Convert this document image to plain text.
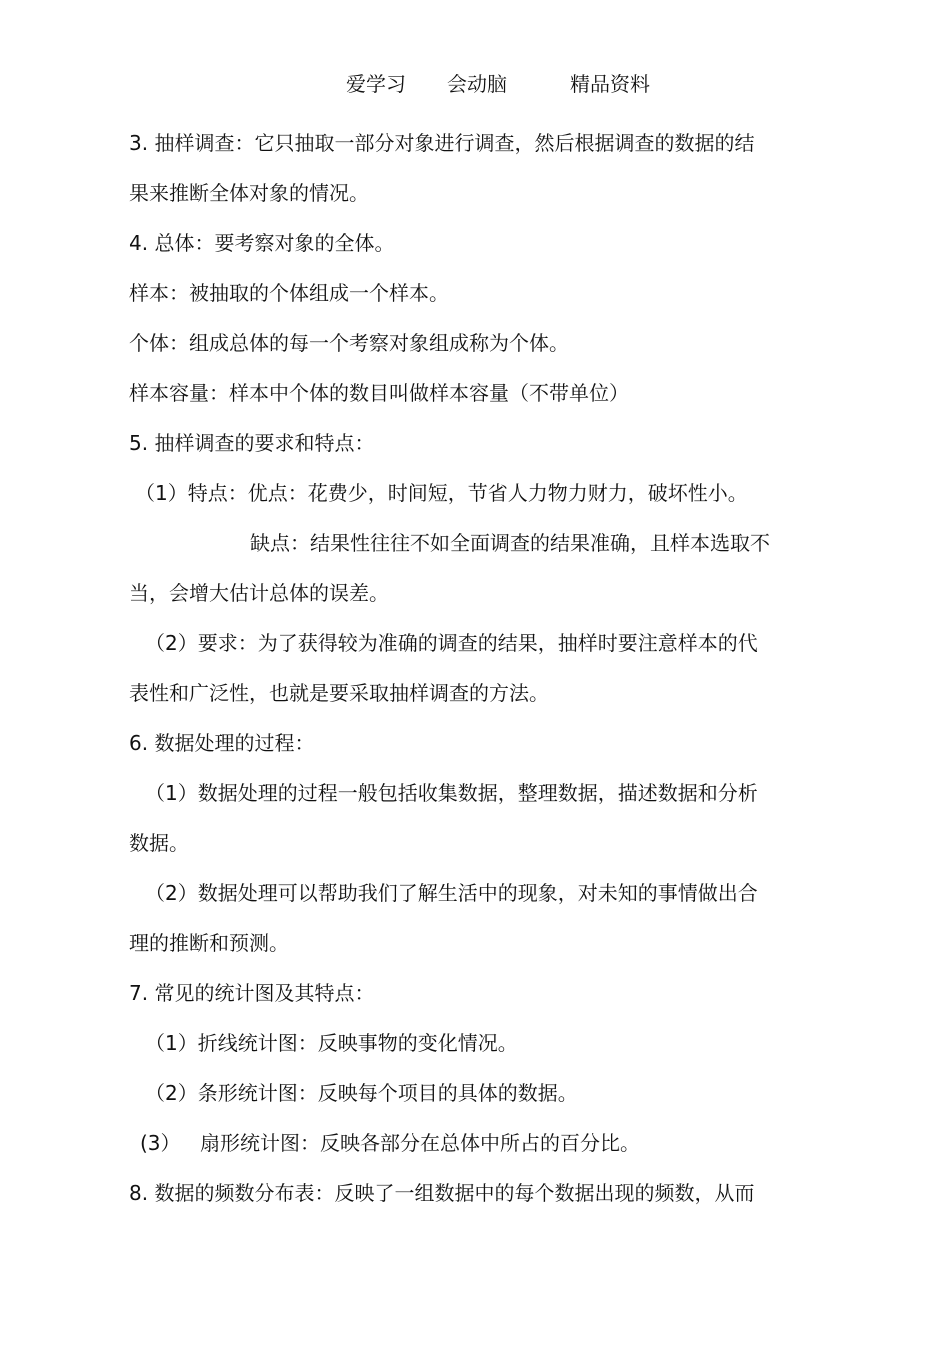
爱学习 会动脑	精品资料
3. 抽样调查：它只抽取一部分对象进行调查，然后根据调查的数据的结
果来推断全体对象的情况。
4. 总体：要考察对象的全体。
样本：被抽取的个体组成一个样本。
个体：组成总体的每一个考察对象组成称为个体。
样本容量：样本中个体的数目叫做样本容量（不带单位）
5. 抽样调查的要求和特点：
（1）特点：优点：花费少，时间短，节省人力物力财力，破坏性小。
缺点：结果性往往不如全面调查的结果准确，且样本选取不
当，会增大估计总体的误差。
（2）要求：为了获得较为准确的调查的结果，抽样时要注意样本的代
表性和广泛性，也就是要采取抽样调查的方法。
6. 数据处理的过程：
（1）数据处理的过程一般包括收集数据，整理数据，描述数据和分析
数据。
（2）数据处理可以帮助我们了解生活中的现象，对未知的事情做出合
理的推断和预测。
7. 常见的统计图及其特点：
（1）折线统计图：反映事物的变化情况。
（2）条形统计图：反映每个项目的具体的数据。
(3） 扇形统计图：反映各部分在总体中所占的百分比。
8. 数据的频数分布表：反映了一组数据中的每个数据出现的频数，从而
